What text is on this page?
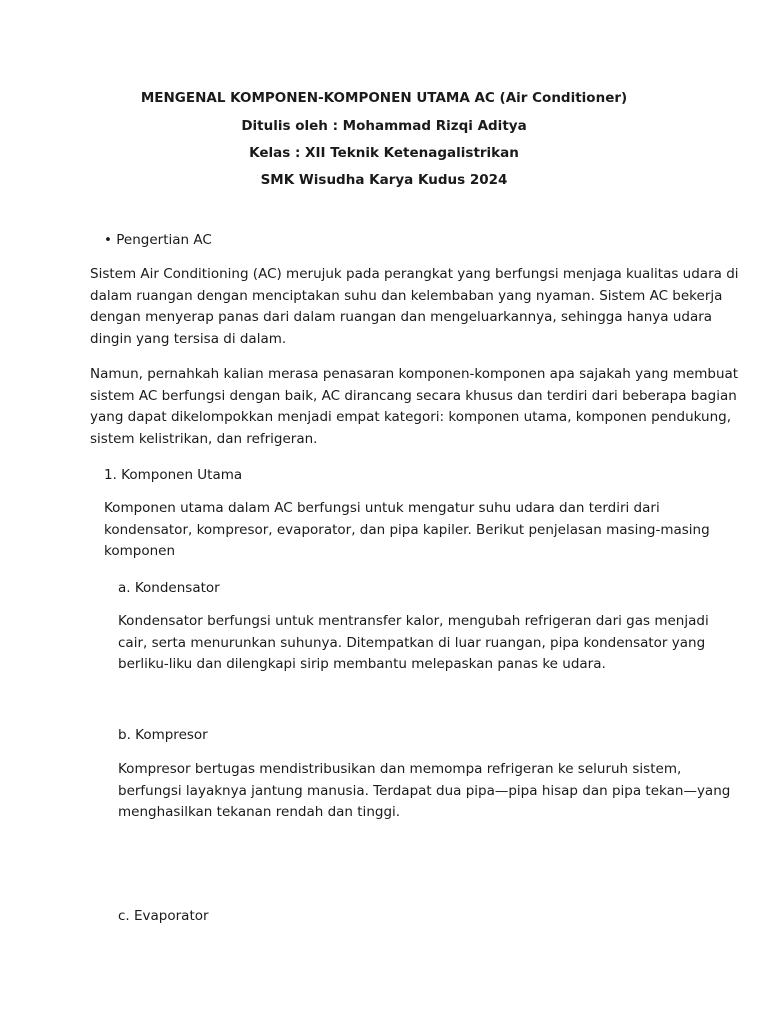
MENGENAL KOMPONEN-KOMPONEN UTAMA AC (Air Conditioner)
Ditulis oleh : Mohammad Rizqi Aditya
Kelas : XII Teknik Ketenagalistrikan
SMK Wisudha Karya Kudus 2024
• Pengertian AC
Sistem Air Conditioning (AC) merujuk pada perangkat yang berfungsi menjaga kualitas udara di
dalam ruangan dengan menciptakan suhu dan kelembaban yang nyaman. Sistem AC bekerja
dengan menyerap panas dari dalam ruangan dan mengeluarkannya, sehingga hanya udara
dingin yang tersisa di dalam.
Namun, pernahkah kalian merasa penasaran komponen-komponen apa sajakah yang membuat
sistem AC berfungsi dengan baik, AC dirancang secara khusus dan terdiri dari beberapa bagian
yang dapat dikelompokkan menjadi empat kategori: komponen utama, komponen pendukung,
sistem kelistrikan, dan refrigeran.
1. Komponen Utama
Komponen utama dalam AC berfungsi untuk mengatur suhu udara dan terdiri dari
kondensator, kompresor, evaporator, dan pipa kapiler. Berikut penjelasan masing-masing
komponen
a. Kondensator
Kondensator berfungsi untuk mentransfer kalor, mengubah refrigeran dari gas menjadi
cair, serta menurunkan suhunya. Ditempatkan di luar ruangan, pipa kondensator yang
berliku-liku dan dilengkapi sirip membantu melepaskan panas ke udara.
b. Kompresor
Kompresor bertugas mendistribusikan dan memompa refrigeran ke seluruh sistem,
berfungsi layaknya jantung manusia. Terdapat dua pipa—pipa hisap dan pipa tekan—yang
menghasilkan tekanan rendah dan tinggi.
c. Evaporator
